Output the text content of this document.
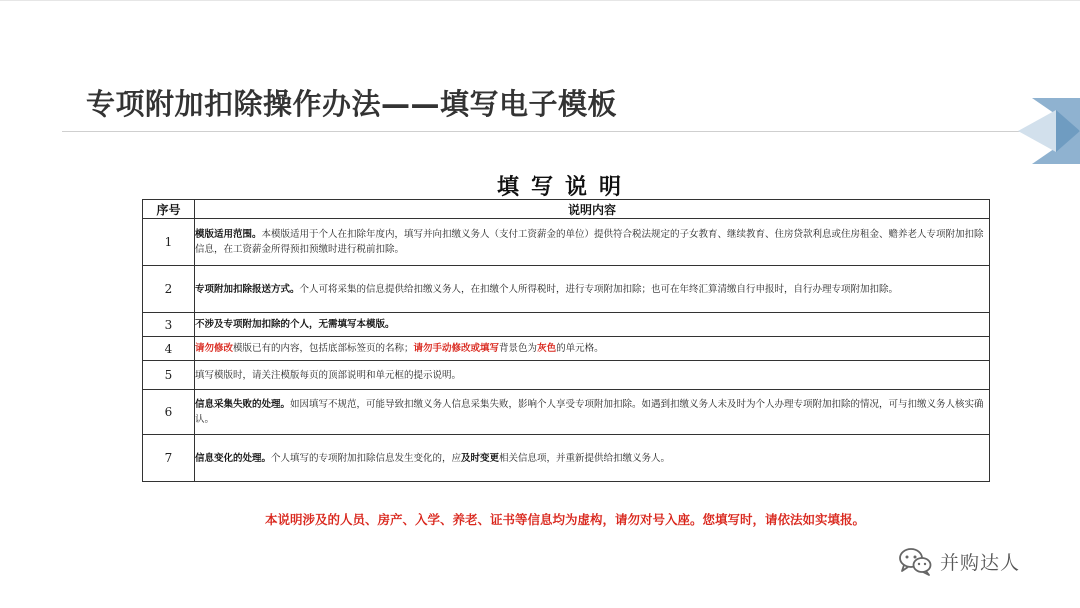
专项附加扣除操作办法——填写电子模板
填写说明
序号	说明内容
1	模版适用范围。本模版适用于个人在扣除年度内，填写并向扣缴义务人（支付工资薪金的单位）提供符合税法规定的子女教育、继续教育、住房贷款利息或住房租金、赡养老人专项附加扣除信息，在工资薪金所得预扣预缴时进行税前扣除。
2	专项附加扣除报送方式。个人可将采集的信息提供给扣缴义务人，在扣缴个人所得税时，进行专项附加扣除；也可在年终汇算清缴自行申报时，自行办理专项附加扣除。
3	不涉及专项附加扣除的个人，无需填写本模版。
4	请勿修改模版已有的内容，包括底部标签页的名称；请勿手动修改或填写背景色为灰色的单元格。
5	填写模版时，请关注模版每页的顶部说明和单元框的提示说明。
6	信息采集失败的处理。如因填写不规范，可能导致扣缴义务人信息采集失败，影响个人享受专项附加扣除。如遇到扣缴义务人未及时为个人办理专项附加扣除的情况，可与扣缴义务人核实确认。
7	信息变化的处理。个人填写的专项附加扣除信息发生变化的，应及时变更相关信息项，并重新提供给扣缴义务人。
本说明涉及的人员、房产、入学、养老、证书等信息均为虚构，请勿对号入座。您填写时，请依法如实填报。
并购达人
